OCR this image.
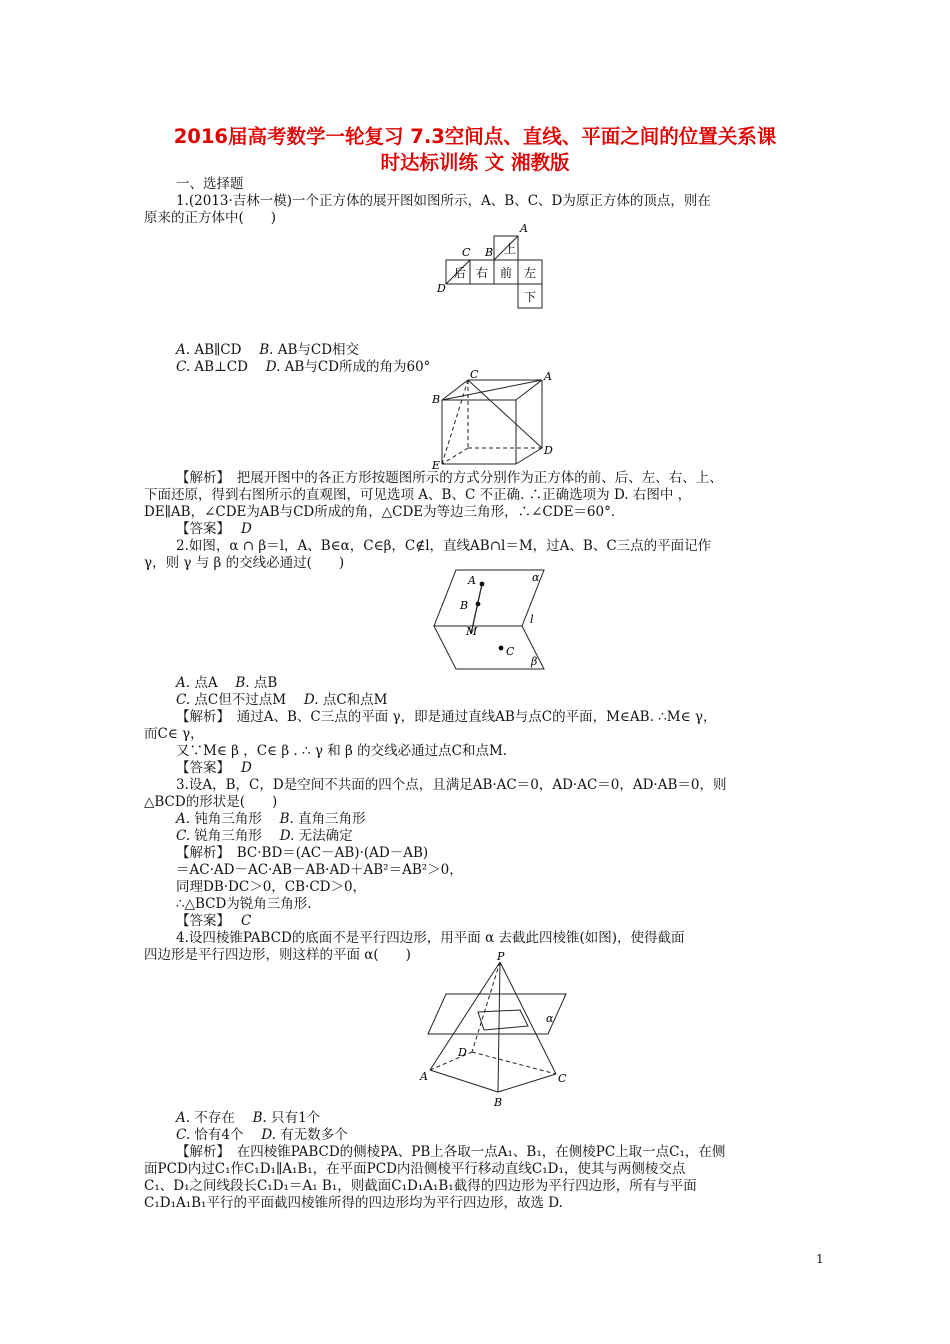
2016届高考数学一轮复习 7.3空间点、直线、平面之间的位置关系课
时达标训练 文 湘教版
一、选择题
1.(2013·吉林一模)一个正方体的展开图如图所示，A、B、C、D为原正方体的顶点，则在
原来的正方体中(　　)
后 右 前 左
上
下
A
B
C
D
A. AB∥CD　 B. AB与CD相交
C. AB⊥CD　 D. AB与CD所成的角为60°	C	A
B
D
E
【解析】　把展开图中的各正方形按题图所示的方式分别作为正方体的前、后、左、右、上、
下面还原，得到右图所示的直观图，可见选项 A、B、C 不正确. ∴正确选项为 D. 右图中 ，
DE∥AB，∠CDE为AB与CD所成的角，△CDE为等边三角形，∴∠CDE＝60°.
【答案】　 D
2.如图，α ∩ β＝l，A、B∈α，C∈β，C∉l，直线AB∩l＝M，过A、B、C三点的平面记作
γ，则 γ 与 β 的交线必通过(　　)
A	α
B
l
M
C
β
A. 点A　 B. 点B
C. 点C但不过点M　 D. 点C和点M
【解析】　通过A、B、C三点的平面 γ，即是通过直线AB与点C的平面，M∈AB. ∴M∈ γ，
而C∈ γ，
又∵M∈ β ，C∈ β . ∴ γ 和 β 的交线必通过点C和点M.
【答案】　 D
3.设A，B，C，D是空间不共面的四个点，且满足AB·AC＝0，AD·AC＝0，AD·AB＝0，则
△BCD的形状是(　　)
A. 钝角三角形　 B. 直角三角形
C. 锐角三角形　 D. 无法确定
【解析】　BC·BD＝(AC－AB)·(AD－AB)
＝AC·AD－AC·AB－AB·AD＋AB²＝AB²＞0，
同理DB·DC＞0，CB·CD＞0，
∴△BCD为锐角三角形.
【答案】　 C
4.设四棱锥PABCD的底面不是平行四边形，用平面 α 去截此四棱锥(如图)，使得截面
四边形是平行四边形，则这样的平面 α(　　)	P
α
D
A	C
B
A. 不存在　 B. 只有1个
C. 恰有4个　 D. 有无数多个
【解析】　在四棱锥PABCD的侧棱PA、PB上各取一点A₁、B₁，在侧棱PC上取一点C₁，在侧
面PCD内过C₁作C₁D₁∥A₁B₁，在平面PCD内沿侧棱平行移动直线C₁D₁，使其与两侧棱交点
C₁、D₁之间线段长C₁D₁＝A₁ B₁，则截面C₁D₁A₁B₁截得的四边形为平行四边形，所有与平面
C₁D₁A₁B₁平行的平面截四棱锥所得的四边形均为平行四边形，故选 D.
1
